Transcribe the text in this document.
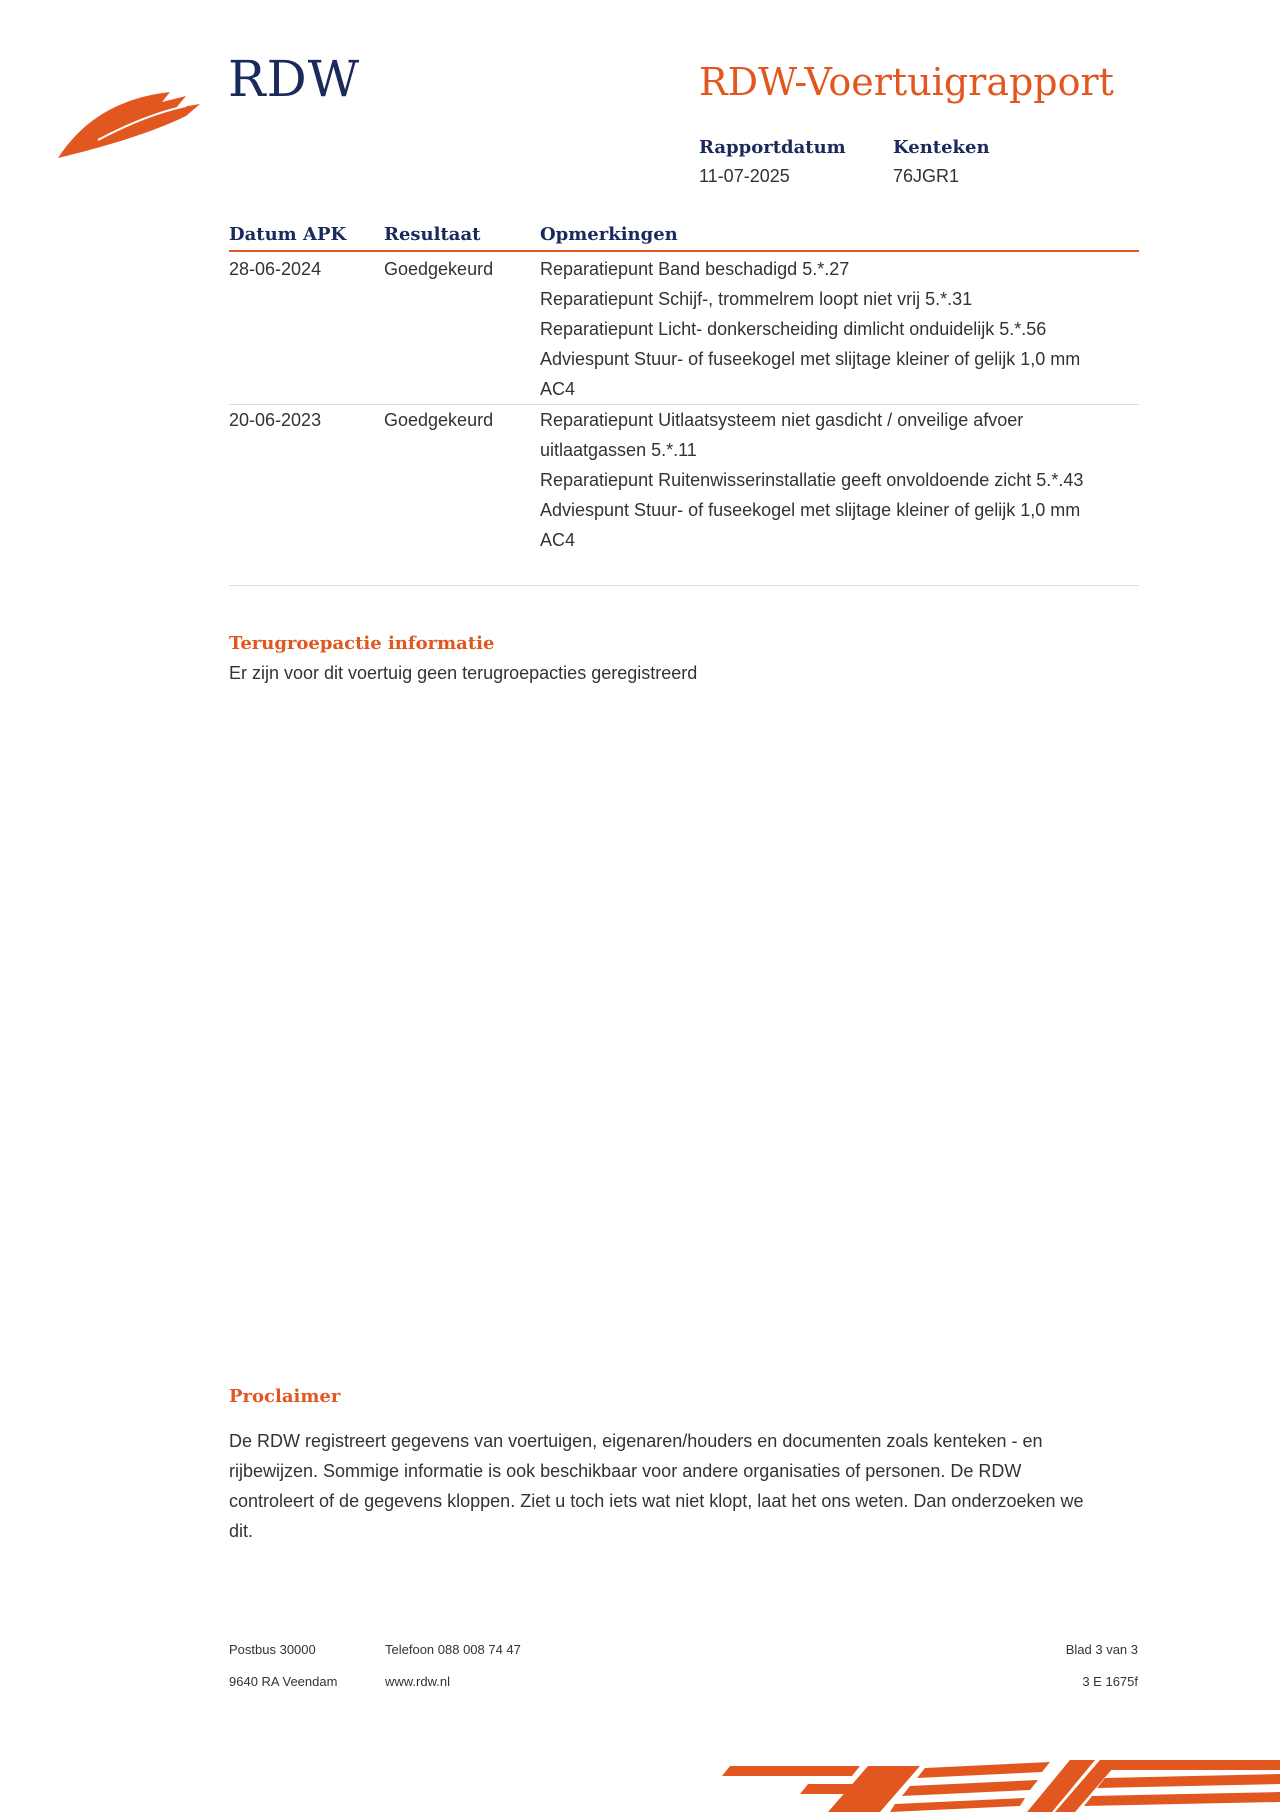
RDW	RDW-Voertuigrapport
Rapportdatum
11-07-2025
Kenteken
76JGR1
Datum APK Resultaat	Opmerkingen
28-06-2024	Goedgekeurd	Reparatiepunt Band beschadigd 5.*.27

Reparatiepunt Schijf-, trommelrem loopt niet vrij 5.*.31

Reparatiepunt Licht- donkerscheiding dimlicht onduidelijk 5.*.56

Adviespunt Stuur- of fuseekogel met slijtage kleiner of gelijk 1,0 mm AC4

20-06-2023	Goedgekeurd	Reparatiepunt Uitlaatsysteem niet gasdicht / onveilige afvoer uitlaatgassen 5.*.11

Reparatiepunt Ruitenwisserinstallatie geeft onvoldoende zicht 5.*.43

Adviespunt Stuur- of fuseekogel met slijtage kleiner of gelijk 1,0 mm AC4

Terugroepactie informatie
Er zijn voor dit voertuig geen terugroepacties geregistreerd
Proclaimer
De RDW registreert gegevens van voertuigen, eigenaren/houders en documenten zoals kenteken - en rijbewijzen. Sommige informatie is ook beschikbaar voor andere organisaties of personen. De RDW controleert of de gegevens kloppen. Ziet u toch iets wat niet klopt, laat het ons weten. Dan onderzoeken we dit.
Postbus 30000
9640 RA Veendam
Telefoon 088 008 74 47
www.rdw.nl
Blad 3 van 3
3 E 1675f
